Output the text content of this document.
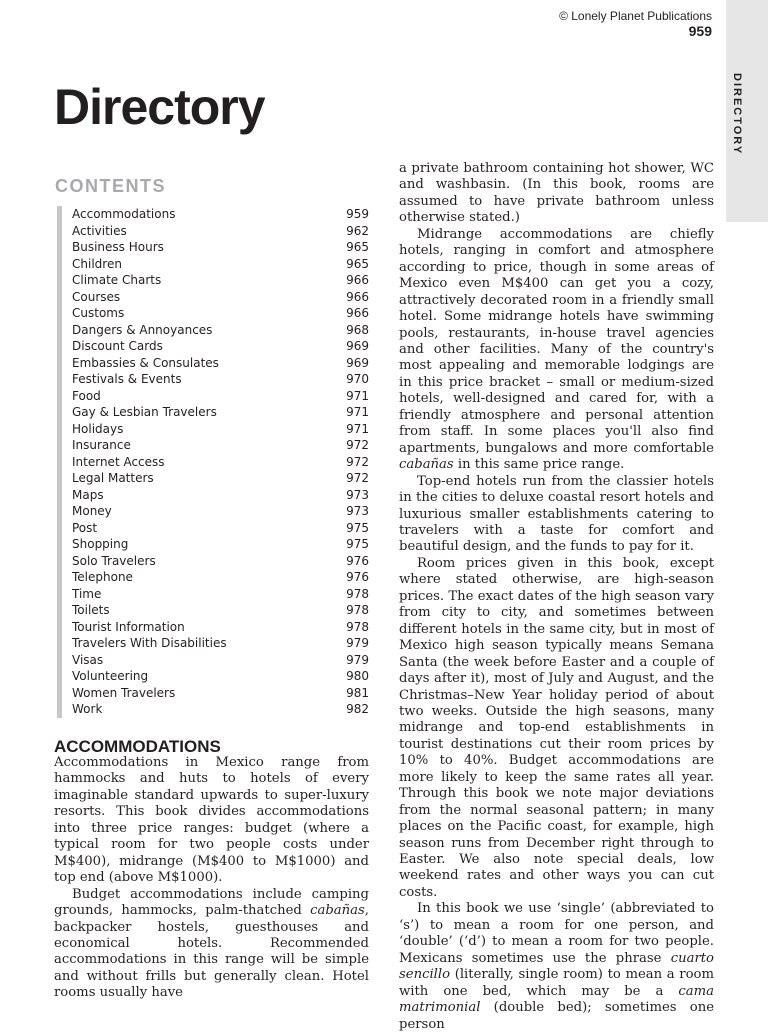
© Lonely Planet Publications
959
DIRECTORY
Directory
CONTENTS
Accommodations	959
Activities	962
Business Hours	965
Children	965
Climate Charts	966
Courses	966
Customs	966
Dangers & Annoyances	968
Discount Cards	969
Embassies & Consulates	969
Festivals & Events	970
Food	971
Gay & Lesbian Travelers	971
Holidays	971
Insurance	972
Internet Access	972
Legal Matters	972
Maps	973
Money	973
Post	975
Shopping	975
Solo Travelers	976
Telephone	976
Time	978
Toilets	978
Tourist Information	978
Travelers With Disabilities	979
Visas	979
Volunteering	980
Women Travelers	981
Work	982
ACCOMMODATIONS

Accommodations in Mexico range from hammocks and huts to hotels of every imaginable standard upwards to super-luxury resorts. This book divides accommodations into three price ranges: budget (where a typical room for two people costs under M$400), midrange (M$400 to M$1000) and top end (above M$1000).

Budget accommodations include camping grounds, hammocks, palm-thatched cabañas, backpacker hostels, guesthouses and economical hotels. Recommended accommodations in this range will be simple and without frills but generally clean. Hotel rooms usually have

a private bathroom containing hot shower, WC and washbasin. (In this book, rooms are assumed to have private bathroom unless otherwise stated.)

Midrange accommodations are chiefly hotels, ranging in comfort and atmosphere according to price, though in some areas of Mexico even M$400 can get you a cozy, attractively decorated room in a friendly small hotel. Some midrange hotels have swimming pools, restaurants, in-house travel agencies and other facilities. Many of the country's most appealing and memorable lodgings are in this price bracket – small or medium-sized hotels, well-designed and cared for, with a friendly atmosphere and personal attention from staff. In some places you'll also find apartments, bungalows and more comfortable cabañas in this same price range.

Top-end hotels run from the classier hotels in the cities to deluxe coastal resort hotels and luxurious smaller establishments catering to travelers with a taste for comfort and beautiful design, and the funds to pay for it.

Room prices given in this book, except where stated otherwise, are high-season prices. The exact dates of the high season vary from city to city, and sometimes between different hotels in the same city, but in most of Mexico high season typically means Semana Santa (the week before Easter and a couple of days after it), most of July and August, and the Christmas–New Year holiday period of about two weeks. Outside the high seasons, many midrange and top-end establishments in tourist destinations cut their room prices by 10% to 40%. Budget accommodations are more likely to keep the same rates all year. Through this book we note major deviations from the normal seasonal pattern; in many places on the Pacific coast, for example, high season runs from December right through to Easter. We also note special deals, low weekend rates and other ways you can cut costs.

In this book we use ‘single’ (abbreviated to ‘s’) to mean a room for one person, and ‘double’ (‘d’) to mean a room for two people. Mexicans sometimes use the phrase cuarto sencillo (literally, single room) to mean a room with one bed, which may be a cama matrimonial (double bed); sometimes one person
